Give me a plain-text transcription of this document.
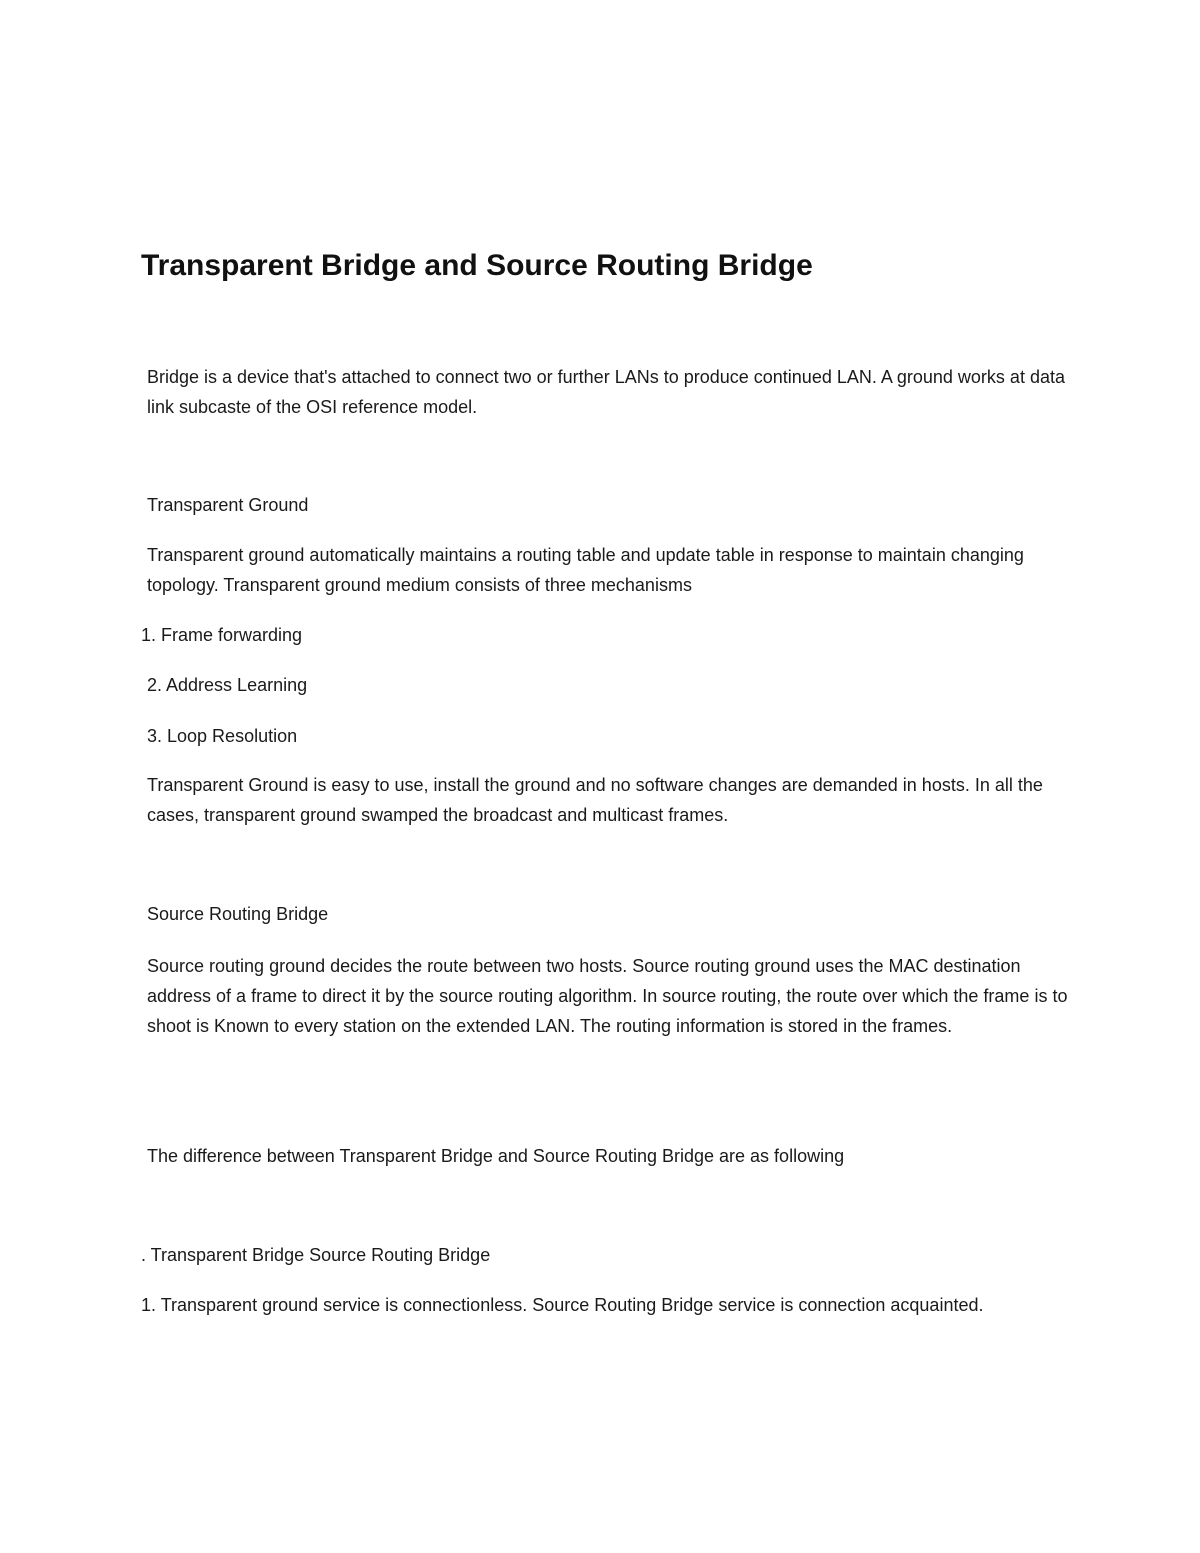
Transparent Bridge and Source Routing Bridge

Bridge is a device that's attached to connect two or further LANs to produce continued LAN. A ground works at data link subcaste of the OSI reference model.

Transparent Ground

Transparent ground automatically maintains a routing table and update table in response to maintain changing topology. Transparent ground medium consists of three mechanisms

1. Frame forwarding

2. Address Learning

3. Loop Resolution

Transparent Ground is easy to use, install the ground and no software changes are demanded in hosts. In all the cases, transparent ground swamped the broadcast and multicast frames.

Source Routing Bridge

Source routing ground decides the route between two hosts. Source routing ground uses the MAC destination address of a frame to direct it by the source routing algorithm. In source routing, the route over which the frame is to shoot is Known to every station on the extended LAN. The routing information is stored in the frames.

The difference between Transparent Bridge and Source Routing Bridge are as following

. Transparent Bridge Source Routing Bridge

1. Transparent ground service is connectionless. Source Routing Bridge service is connection acquainted.
